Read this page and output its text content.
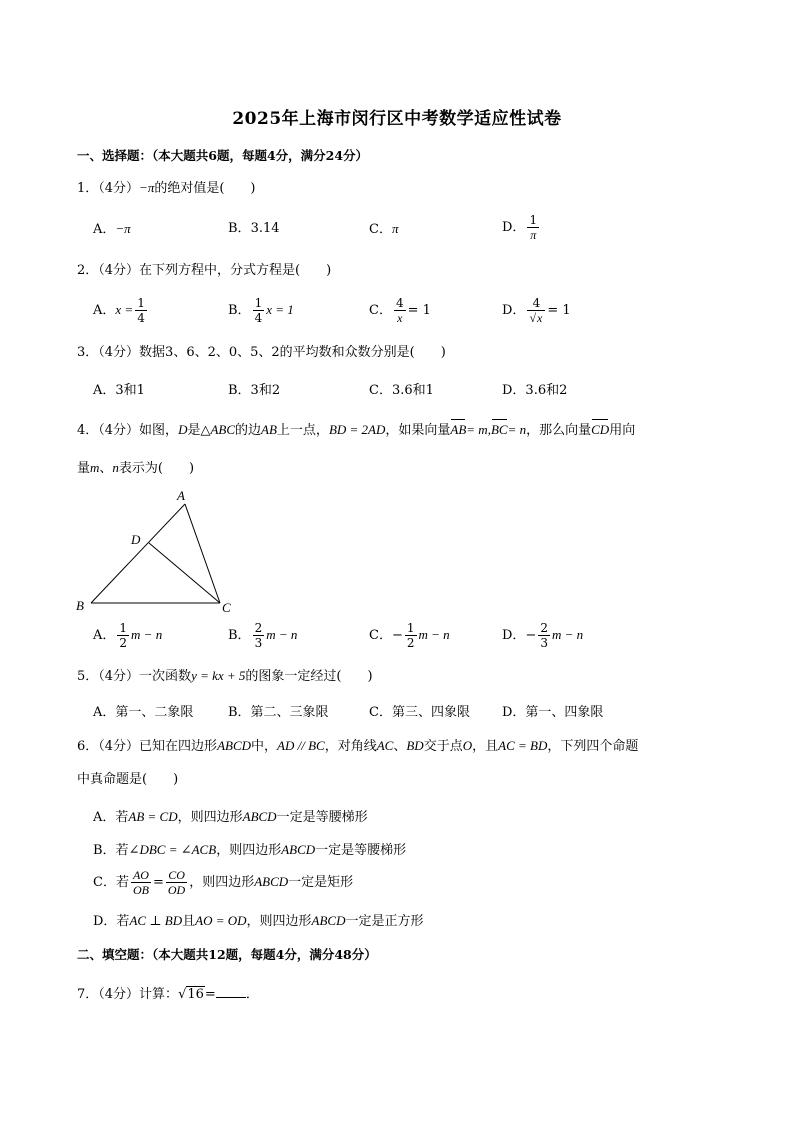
2025年上海市闵行区中考数学适应性试卷
一、选择题：（本大题共6题，每题4分，满分24分）
1．（4分）−π的绝对值是(　　)
A．−π	B．3.14	C．π	D． $\frac{1}{\pi}$
2．（4分）在下列方程中，分式方程是(　　)
A．$x = \frac{1}{4}$	B． $\frac{1}{4}$ x = 1	C． $\frac{4}{x} = 1$	D． $\frac{4}{√x} = 1$
3．（4分）数据3、6、2、0、5、2的平均数和众数分别是(　　)
A．3和1	B．3和2	C．3.6和1	D．3.6和2
4．（4分）如图，D是△ABC的边AB上一点，BD = 2AD，如果向量AB= m,BC= n，那么向量CD用向
量m、n表示为(　　)
A
B	C
D
A． $\frac{1}{2}$ m − n	B． $\frac{2}{3}$ m − n	C．− $\frac{1}{2}$ m − n	D．− $\frac{2}{3}$ m − n
5．（4分）一次函数y = kx + 5的图象一定经过(　　)
A．第一、二象限	B．第二、三象限	C．第三、四象限 D．第一、四象限
6．（4分）已知在四边形ABCD中，AD // BC，对角线AC、BD交于点O，且AC = BD，下列四个命题
中真命题是(　　)
A．若AB = CD，则四边形ABCD一定是等腰梯形
B．若∠DBC = ∠ACB，则四边形ABCD一定是等腰梯形
C．若 $\frac{AO}{OB} = \frac{CO}{OD}$ ，则四边形ABCD一定是矩形
D．若AC ⊥ BD且AO = OD，则四边形ABCD一定是正方形
二、填空题：（本大题共12题，每题4分，满分48分）
7．（4分）计算：√16= ．
